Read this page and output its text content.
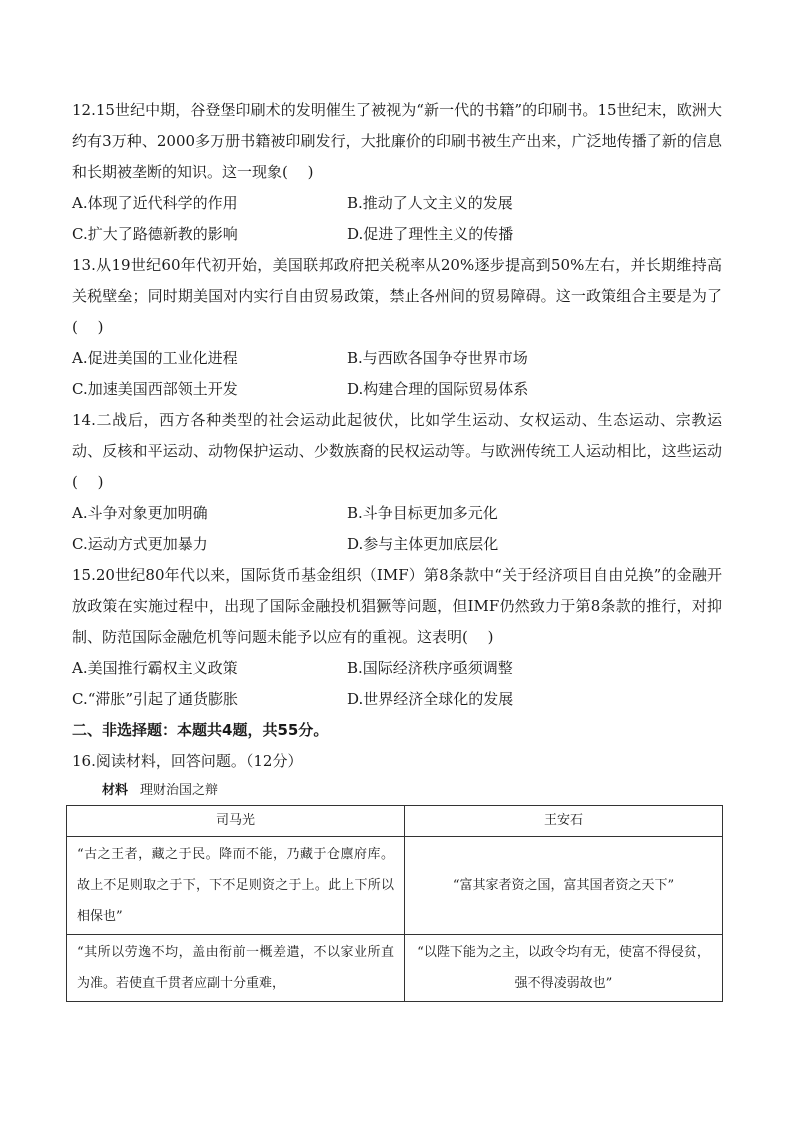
12.15世纪中期，谷登堡印刷术的发明催生了被视为“新一代的书籍”的印刷书。15世纪末，欧洲大约有3万种、2000多万册书籍被印刷发行，大批廉价的印刷书被生产出来，广泛地传播了新的信息和长期被垄断的知识。这一现象(　 )

A.体现了近代科学的作用	B.推动了人文主义的发展
C.扩大了路德新教的影响	D.促进了理性主义的传播

13.从19世纪60年代初开始，美国联邦政府把关税率从20%逐步提高到50%左右，并长期维持高关税壁垒；同时期美国对内实行自由贸易政策，禁止各州间的贸易障碍。这一政策组合主要是为了(　 )

A.促进美国的工业化进程	B.与西欧各国争夺世界市场
C.加速美国西部领土开发	D.构建合理的国际贸易体系

14.二战后，西方各种类型的社会运动此起彼伏，比如学生运动、女权运动、生态运动、宗教运动、反核和平运动、动物保护运动、少数族裔的民权运动等。与欧洲传统工人运动相比，这些运动(　 )

A.斗争对象更加明确	B.斗争目标更加多元化
C.运动方式更加暴力	D.参与主体更加底层化

15.20世纪80年代以来，国际货币基金组织（IMF）第8条款中“关于经济项目自由兑换”的金融开放政策在实施过程中，出现了国际金融投机猖獗等问题，但IMF仍然致力于第8条款的推行，对抑制、防范国际金融危机等问题未能予以应有的重视。这表明(　 )

A.美国推行霸权主义政策	B.国际经济秩序亟须调整
C.“滞胀”引起了通货膨胀	D.世界经济全球化的发展

二、非选择题：本题共4题，共55分。

16.阅读材料，回答问题。（12分）

材料 理财治国之辩

司马光	王安石
“古之王者，藏之于民。降而不能，乃藏于仓廪府库。故上不足则取之于下，下不足则资之于上。此上下所以相保也”	“富其家者资之国，富其国者资之天下”
“其所以劳逸不均，盖由衔前一概差遣，不以家业所直为准。若使直千贯者应副十分重难，	“以陛下能为之主，以政令均有无，使富不得侵贫，强不得凌弱故也”
